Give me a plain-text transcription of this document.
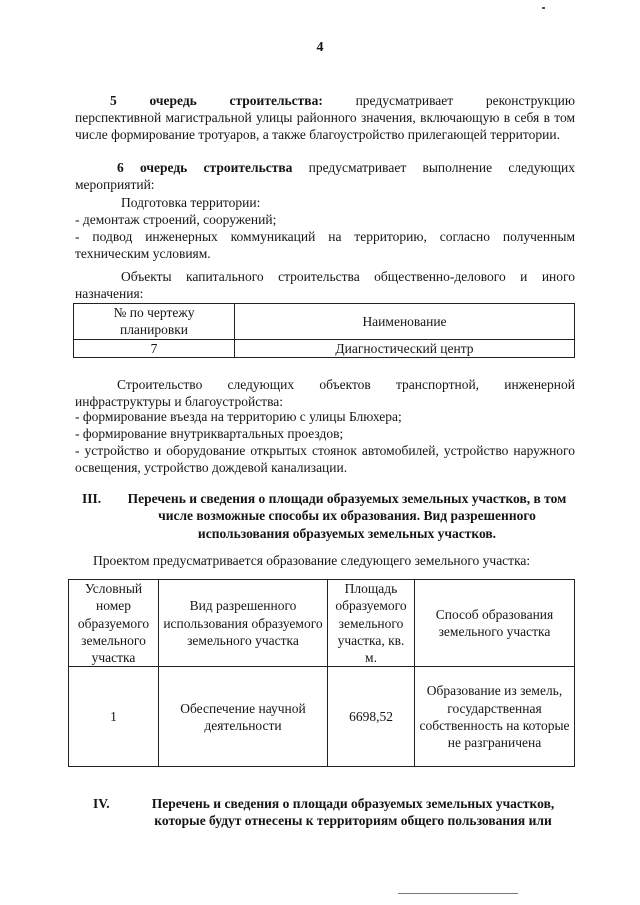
4

5 очередь строительства: предусматривает реконструкцию

перспективной магистральной улицы районного значения, включающую в себя в том числе формирование тротуаров, а также благоустройство прилегающей территории.

6 очередь строительства предусматривает выполнение следующих мероприятий:

Подготовка территории:

- демонтаж строений, сооружений;

- подвод инженерных коммуникаций на территорию, согласно полученным техническим условиям.

Объекты капитального строительства общественно-делового и иного назначения:

№ по чертежу планировки	Наименование
7	Диагностический центр

Строительство следующих объектов транспортной, инженерной инфраструктуры и благоустройства:

- формирование въезда на территорию с улицы Блюхера;

- формирование внутриквартальных проездов;

- устройство и оборудование открытых стоянок автомобилей, устройство наружного освещения, устройство дождевой канализации.

III.	Перечень и сведения о площади образуемых земельных участков, в том числе возможные способы их образования. Вид разрешенного использования образуемых земельных участков.

Проектом предусматривается образование следующего земельного участка:

Условный номер образуемого земельного участка	Вид разрешенного использования образуемого земельного участка	Площадь образуемого земельного участка, кв. м.	Способ образования земельного участка
1	Обеспечение научной деятельности	6698,52	Образование из земель, государственная собственность на которые не разграничена
IV.	Перечень и сведения о площади образуемых земельных участков, которые будут отнесены к территориям общего пользования или
